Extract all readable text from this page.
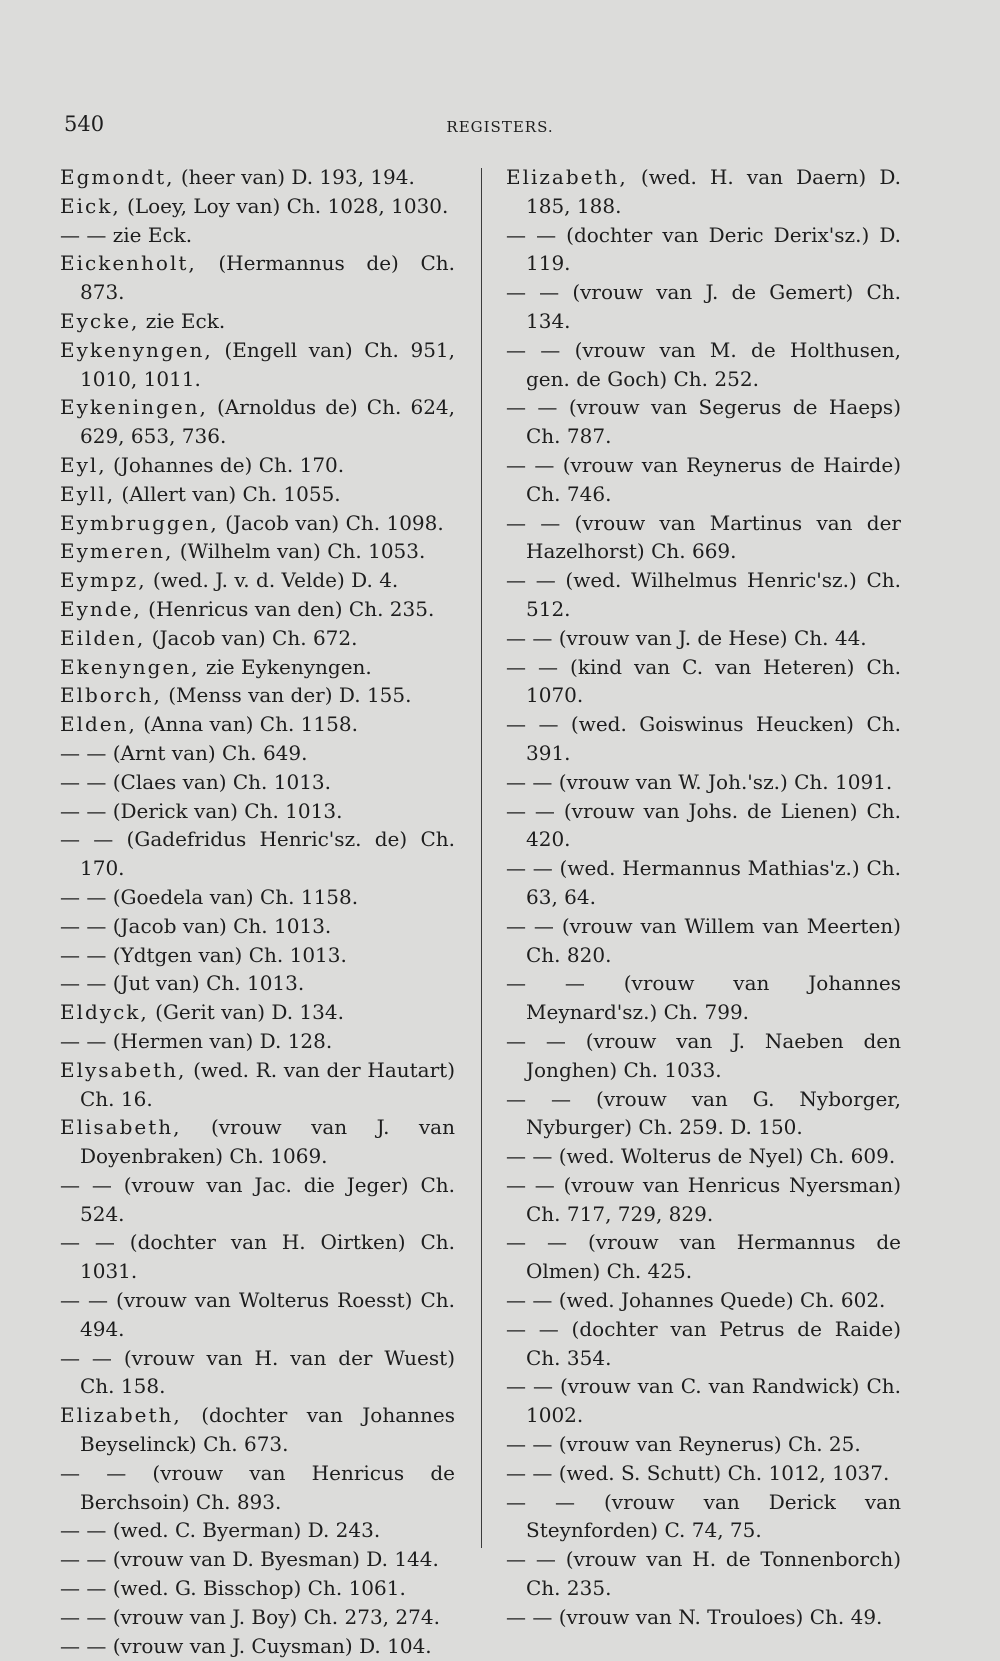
540	REGISTERS.

Egmondt, (heer van) D. 193, 194.

Eick, (Loey, Loy van) Ch. 1028, 1030.

— — zie Eck.

Eickenholt, (Hermannus de) Ch. 873.

Eycke, zie Eck.

Eykenyngen, (Engell van) Ch. 951, 1010, 1011.

Eykeningen, (Arnoldus de) Ch. 624, 629, 653, 736.

Eyl, (Johannes de) Ch. 170.

Eyll, (Allert van) Ch. 1055.

Eymbruggen, (Jacob van) Ch. 1098.

Eymeren, (Wilhelm van) Ch. 1053.

Eympz, (wed. J. v. d. Velde) D. 4.

Eynde, (Henricus van den) Ch. 235.

Eilden, (Jacob van) Ch. 672.

Ekenyngen, zie Eykenyngen.

Elborch, (Menss van der) D. 155.

Elden, (Anna van) Ch. 1158.

— — (Arnt van) Ch. 649.

— — (Claes van) Ch. 1013.

— — (Derick van) Ch. 1013.

— — (Gadefridus Henric'sz. de) Ch. 170.

— — (Goedela van) Ch. 1158.

— — (Jacob van) Ch. 1013.

— — (Ydtgen van) Ch. 1013.

— — (Jut van) Ch. 1013.

Eldyck, (Gerit van) D. 134.

— — (Hermen van) D. 128.

Elysabeth, (wed. R. van der Hautart) Ch. 16.

Elisabeth, (vrouw van J. van Doyenbraken) Ch. 1069.

— — (vrouw van Jac. die Jeger) Ch. 524.

— — (dochter van H. Oirtken) Ch. 1031.

— — (vrouw van Wolterus Roesst) Ch. 494.

— — (vrouw van H. van der Wuest) Ch. 158.

Elizabeth, (dochter van Johannes Beyselinck) Ch. 673.

— — (vrouw van Henricus de Berchsoin) Ch. 893.

— — (wed. C. Byerman) D. 243.

— — (vrouw van D. Byesman) D. 144.

— — (wed. G. Bisschop) Ch. 1061.

— — (vrouw van J. Boy) Ch. 273, 274.

— — (vrouw van J. Cuysman) D. 104.

Elizabeth, (wed. H. van Daern) D. 185, 188.

— — (dochter van Deric Derix'sz.) D. 119.

— — (vrouw van J. de Gemert) Ch. 134.

— — (vrouw van M. de Holthusen, gen. de Goch) Ch. 252.

— — (vrouw van Segerus de Haeps) Ch. 787.

— — (vrouw van Reynerus de Hairde) Ch. 746.

— — (vrouw van Martinus van der Hazelhorst) Ch. 669.

— — (wed. Wilhelmus Henric'sz.) Ch. 512.

— — (vrouw van J. de Hese) Ch. 44.

— — (kind van C. van Heteren) Ch. 1070.

— — (wed. Goiswinus Heucken) Ch. 391.

— — (vrouw van W. Joh.'sz.) Ch. 1091.

— — (vrouw van Johs. de Lienen) Ch. 420.

— — (wed. Hermannus Mathias'z.) Ch. 63, 64.

— — (vrouw van Willem van Meerten) Ch. 820.

— — (vrouw van Johannes Meynard'sz.) Ch. 799.

— — (vrouw van J. Naeben den Jonghen) Ch. 1033.

— — (vrouw van G. Nyborger, Nyburger) Ch. 259. D. 150.

— — (wed. Wolterus de Nyel) Ch. 609.

— — (vrouw van Henricus Nyersman) Ch. 717, 729, 829.

— — (vrouw van Hermannus de Olmen) Ch. 425.

— — (wed. Johannes Quede) Ch. 602.

— — (dochter van Petrus de Raide) Ch. 354.

— — (vrouw van C. van Randwick) Ch. 1002.

— — (vrouw van Reynerus) Ch. 25.

— — (wed. S. Schutt) Ch. 1012, 1037.

— — (vrouw van Derick van Steynforden) C. 74, 75.

— — (vrouw van H. de Tonnenborch) Ch. 235.

— — (vrouw van N. Trouloes) Ch. 49.
